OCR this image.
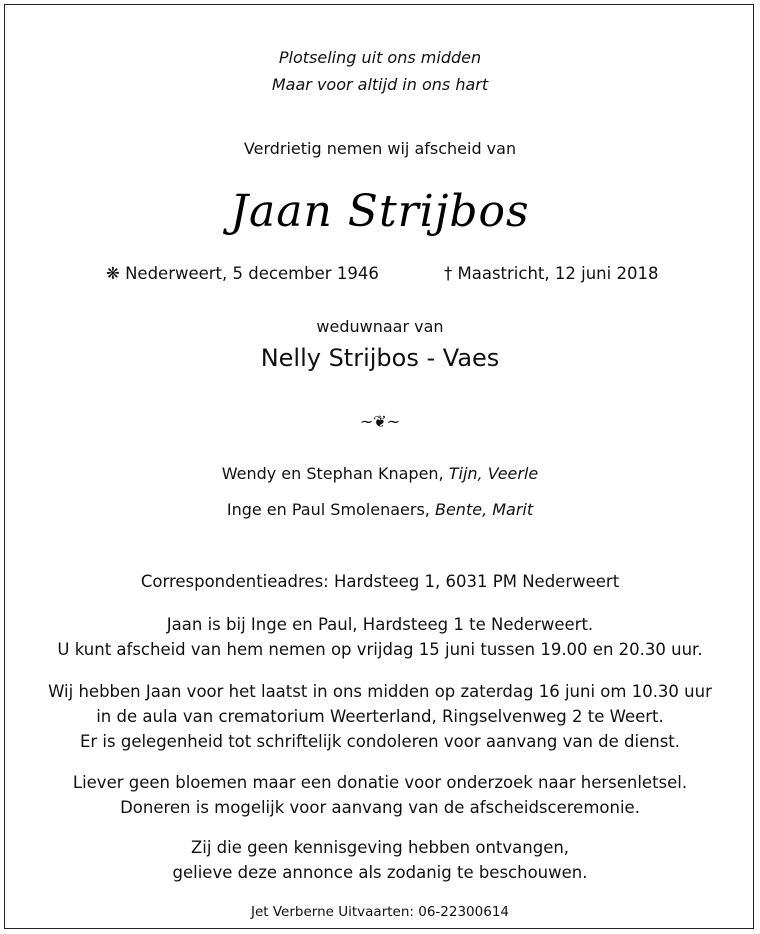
Plotseling uit ons midden
Maar voor altijd in ons hart
Verdrietig nemen wij afscheid van
Jaan Strijbos
❋ Nederweert, 5 december 1946	† Maastricht, 12 juni 2018
weduwnaar van
Nelly Strijbos - Vaes
~❦~
Wendy en Stephan Knapen, Tijn, Veerle
Inge en Paul Smolenaers, Bente, Marit
Correspondentieadres: Hardsteeg 1, 6031 PM Nederweert
Jaan is bij Inge en Paul, Hardsteeg 1 te Nederweert.
U kunt afscheid van hem nemen op vrijdag 15 juni tussen 19.00 en 20.30 uur.
Wij hebben Jaan voor het laatst in ons midden op zaterdag 16 juni om 10.30 uur
in de aula van crematorium Weerterland, Ringselvenweg 2 te Weert.
Er is gelegenheid tot schriftelijk condoleren voor aanvang van de dienst.
Liever geen bloemen maar een donatie voor onderzoek naar hersenletsel.
Doneren is mogelijk voor aanvang van de afscheidsceremonie.
Zij die geen kennisgeving hebben ontvangen,
gelieve deze annonce als zodanig te beschouwen.
Jet Verberne Uitvaarten: 06-22300614
